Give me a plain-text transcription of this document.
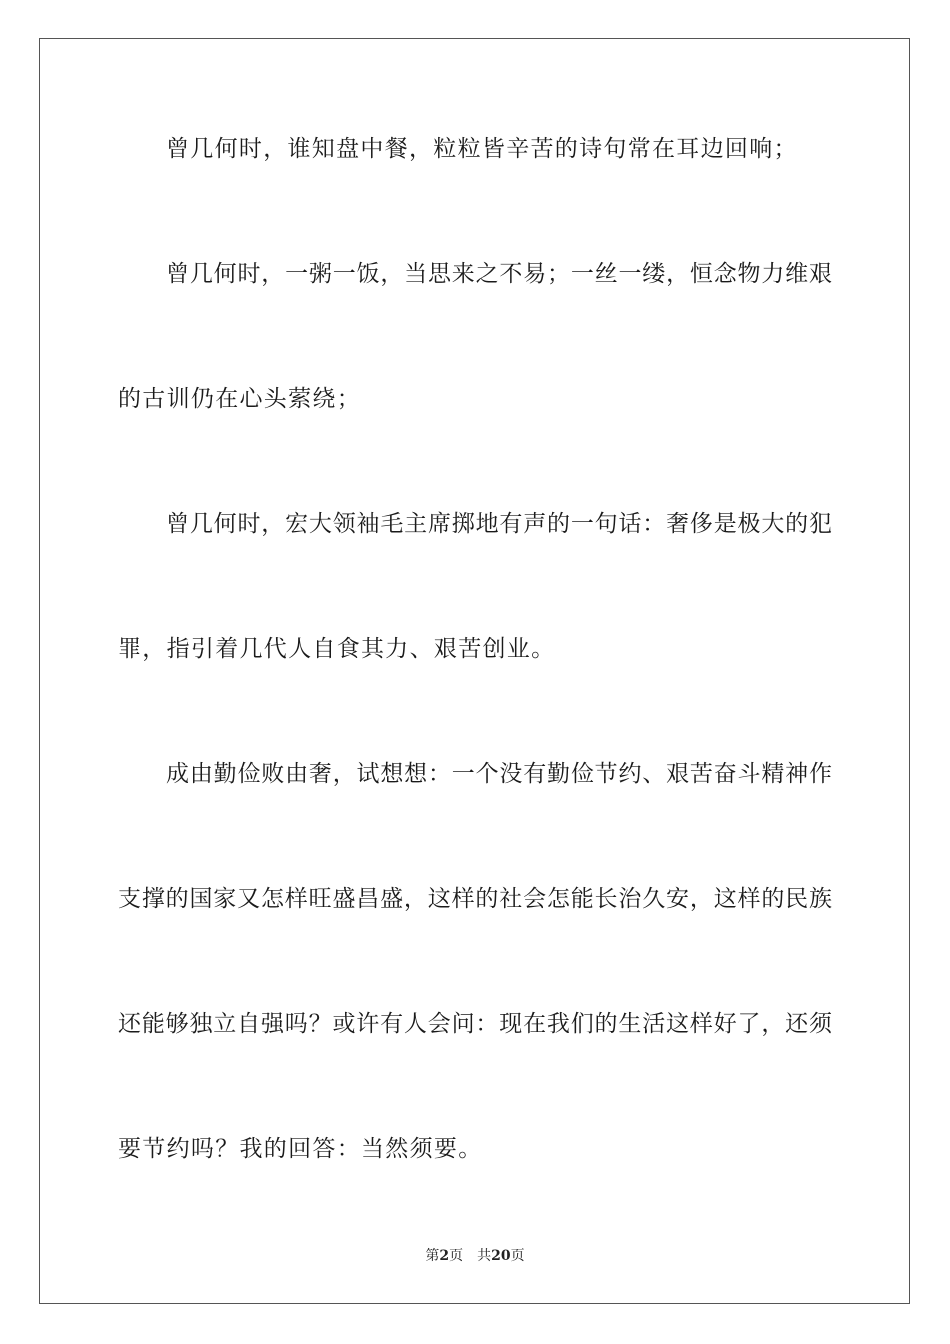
曾几何时，谁知盘中餐，粒粒皆辛苦的诗句常在耳边回响；
曾几何时，一粥一饭，当思来之不易；一丝一缕，恒念物力维艰
的古训仍在心头萦绕；
曾几何时，宏大领袖毛主席掷地有声的一句话：奢侈是极大的犯
罪，指引着几代人自食其力、艰苦创业。
成由勤俭败由奢，试想想：一个没有勤俭节约、艰苦奋斗精神作
支撑的国家又怎样旺盛昌盛，这样的社会怎能长治久安，这样的民族
还能够独立自强吗？或许有人会问：现在我们的生活这样好了，还须
要节约吗？我的回答：当然须要。
第2页 共20页
